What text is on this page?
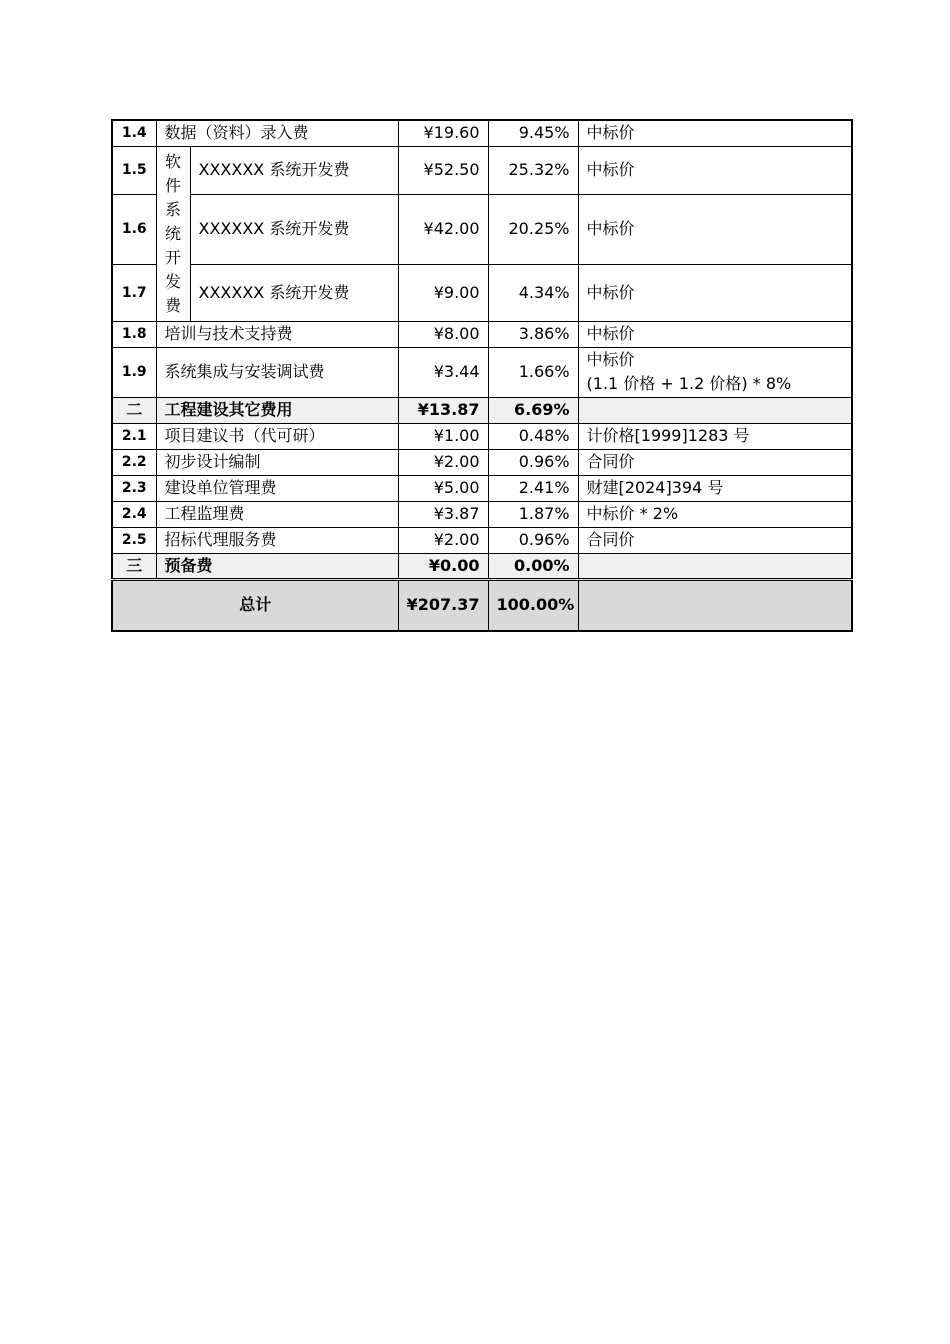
1.4	数据（资料）录入费		¥19.60	9.45%	中标价
1.5	软件系统开发费	XXXXXX 系统开发费	¥52.50	25.32%	中标价
1.6		XXXXXX 系统开发费	¥42.00	20.25%	中标价
1.7		XXXXXX 系统开发费	¥9.00	4.34%	中标价
1.8	培训与技术支持费		¥8.00	3.86%	中标价
1.9	系统集成与安装调试费		¥3.44	1.66%	中标价
(1.1 价格 + 1.2 价格) * 8%

二	工程建设其它费用		¥13.87	6.69%	
2.1	项目建议书（代可研）		¥1.00	0.48%	计价格[1999]1283 号
2.2	初步设计编制		¥2.00	0.96%	合同价
2.3	建设单位管理费		¥5.00	2.41%	财建[2024]394 号
2.4	工程监理费		¥3.87	1.87%	中标价 * 2%
2.5	招标代理服务费		¥2.00	0.96%	合同价
三	预备费		¥0.00	0.00%	
总计			¥207.37	100.00%	
